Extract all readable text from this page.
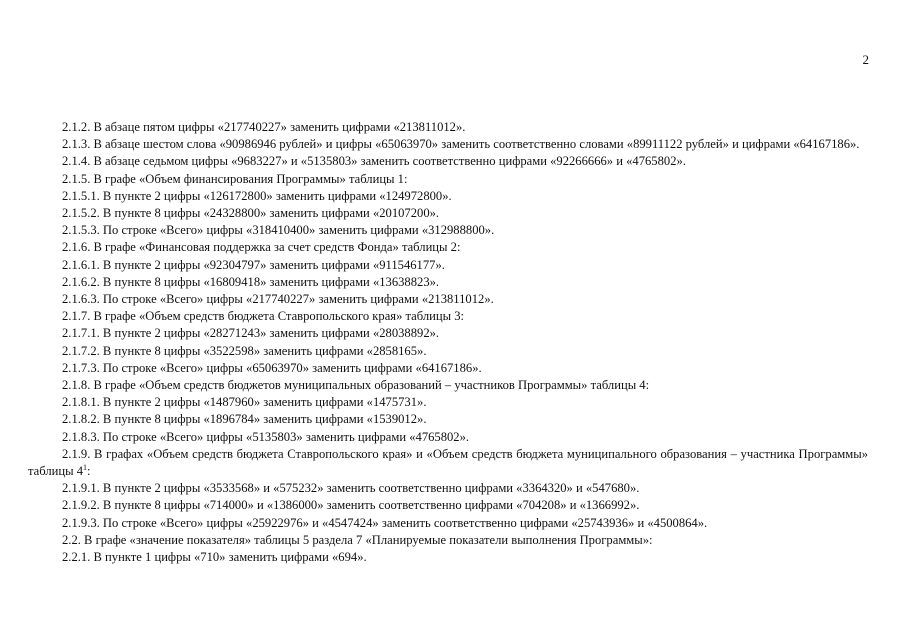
2

2.1.2. В абзаце пятом цифры «217740227» заменить цифрами «213811012».

2.1.3. В абзаце шестом слова «90986946 рублей» и цифры «65063970» заменить соответственно словами «89911122 рублей» и цифрами «64167186».

2.1.4. В абзаце седьмом цифры «9683227» и «5135803» заменить соответственно цифрами «92266666» и «4765802».

2.1.5. В графе «Объем финансирования Программы» таблицы 1:

2.1.5.1. В пункте 2 цифры «126172800» заменить цифрами «124972800».

2.1.5.2. В пункте 8 цифры «24328800» заменить цифрами «20107200».

2.1.5.3. По строке «Всего» цифры «318410400» заменить цифрами «312988800».

2.1.6. В графе «Финансовая поддержка за счет средств Фонда» таблицы 2:

2.1.6.1. В пункте 2 цифры «92304797» заменить цифрами «911546177».

2.1.6.2. В пункте 8 цифры «16809418» заменить цифрами «13638823».

2.1.6.3. По строке «Всего» цифры «217740227» заменить цифрами «213811012».

2.1.7. В графе «Объем средств бюджета Ставропольского края» таблицы 3:

2.1.7.1. В пункте 2 цифры «28271243» заменить цифрами «28038892».

2.1.7.2. В пункте 8 цифры «3522598» заменить цифрами «2858165».

2.1.7.3. По строке «Всего» цифры «65063970» заменить цифрами «64167186».

2.1.8. В графе «Объем средств бюджетов муниципальных образований – участников Программы» таблицы 4:

2.1.8.1. В пункте 2 цифры «1487960» заменить цифрами «1475731».

2.1.8.2. В пункте 8 цифры «1896784» заменить цифрами «1539012».

2.1.8.3. По строке «Всего» цифры «5135803» заменить цифрами «4765802».

2.1.9. В графах «Объем средств бюджета Ставропольского края» и «Объем средств бюджета муниципального образования – участника Программы» таблицы $4^1$:

2.1.9.1. В пункте 2 цифры «3533568» и «575232» заменить соответственно цифрами «3364320» и «547680».

2.1.9.2. В пункте 8 цифры «714000» и «1386000» заменить соответственно цифрами «704208» и «1366992».

2.1.9.3. По строке «Всего» цифры «25922976» и «4547424» заменить соответственно цифрами «25743936» и «4500864».

2.2. В графе «значение показателя» таблицы 5 раздела 7 «Планируемые показатели выполнения Программы»:

2.2.1. В пункте 1 цифры «710» заменить цифрами «694».
